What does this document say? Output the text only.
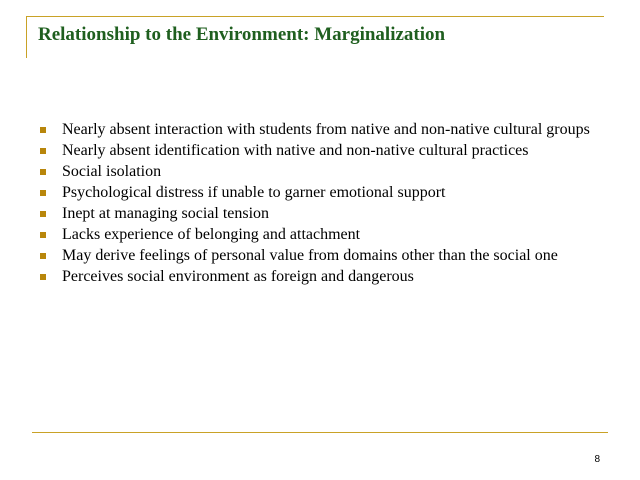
Relationship to the Environment: Marginalization
Nearly absent interaction with students from native and non-native cultural groups
Nearly absent identification with native and non-native cultural practices
Social isolation
Psychological distress if unable to garner emotional support
Inept at managing social tension
Lacks experience of belonging and attachment
May derive feelings of personal value from domains other than the social one
Perceives social environment as foreign and dangerous
8
